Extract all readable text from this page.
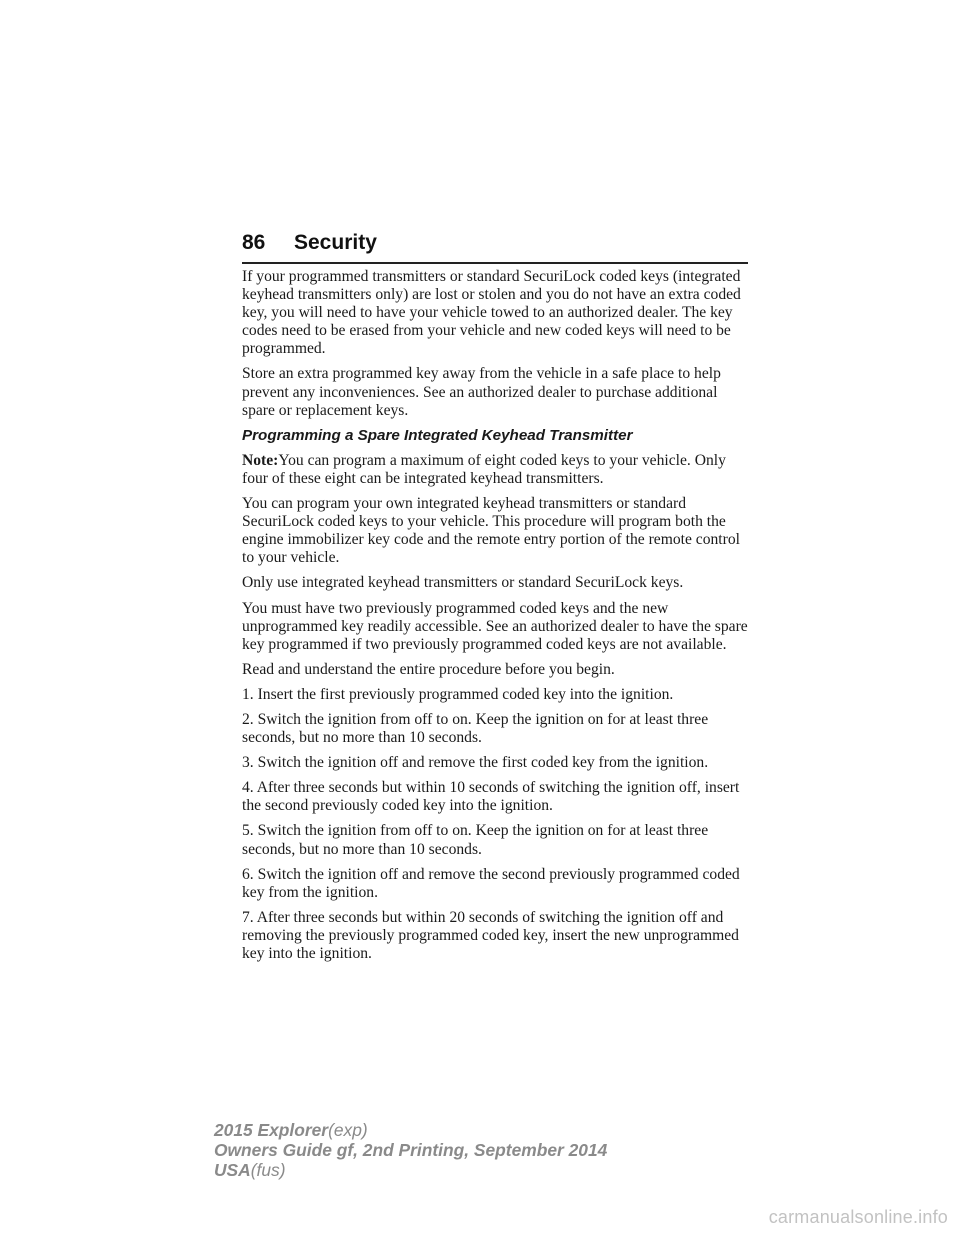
86 Security

If your programmed transmitters or standard SecuriLock coded keys (integrated keyhead transmitters only) are lost or stolen and you do not have an extra coded key, you will need to have your vehicle towed to an authorized dealer. The key codes need to be erased from your vehicle and new coded keys will need to be programmed.

Store an extra programmed key away from the vehicle in a safe place to help prevent any inconveniences. See an authorized dealer to purchase additional spare or replacement keys.

Programming a Spare Integrated Keyhead Transmitter

Note:You can program a maximum of eight coded keys to your vehicle. Only four of these eight can be integrated keyhead transmitters.

You can program your own integrated keyhead transmitters or standard SecuriLock coded keys to your vehicle. This procedure will program both the engine immobilizer key code and the remote entry portion of the remote control to your vehicle.

Only use integrated keyhead transmitters or standard SecuriLock keys.

You must have two previously programmed coded keys and the new unprogrammed key readily accessible. See an authorized dealer to have the spare key programmed if two previously programmed coded keys are not available.

Read and understand the entire procedure before you begin.

1. Insert the first previously programmed coded key into the ignition.

2. Switch the ignition from off to on. Keep the ignition on for at least three seconds, but no more than 10 seconds.

3. Switch the ignition off and remove the first coded key from the ignition.

4. After three seconds but within 10 seconds of switching the ignition off, insert the second previously coded key into the ignition.

5. Switch the ignition from off to on. Keep the ignition on for at least three seconds, but no more than 10 seconds.

6. Switch the ignition off and remove the second previously programmed coded key from the ignition.

7. After three seconds but within 20 seconds of switching the ignition off and removing the previously programmed coded key, insert the new unprogrammed key into the ignition.

2015 Explorer(exp)
Owners Guide gf, 2nd Printing, September 2014
USA(fus)
carmanualsonline.info
